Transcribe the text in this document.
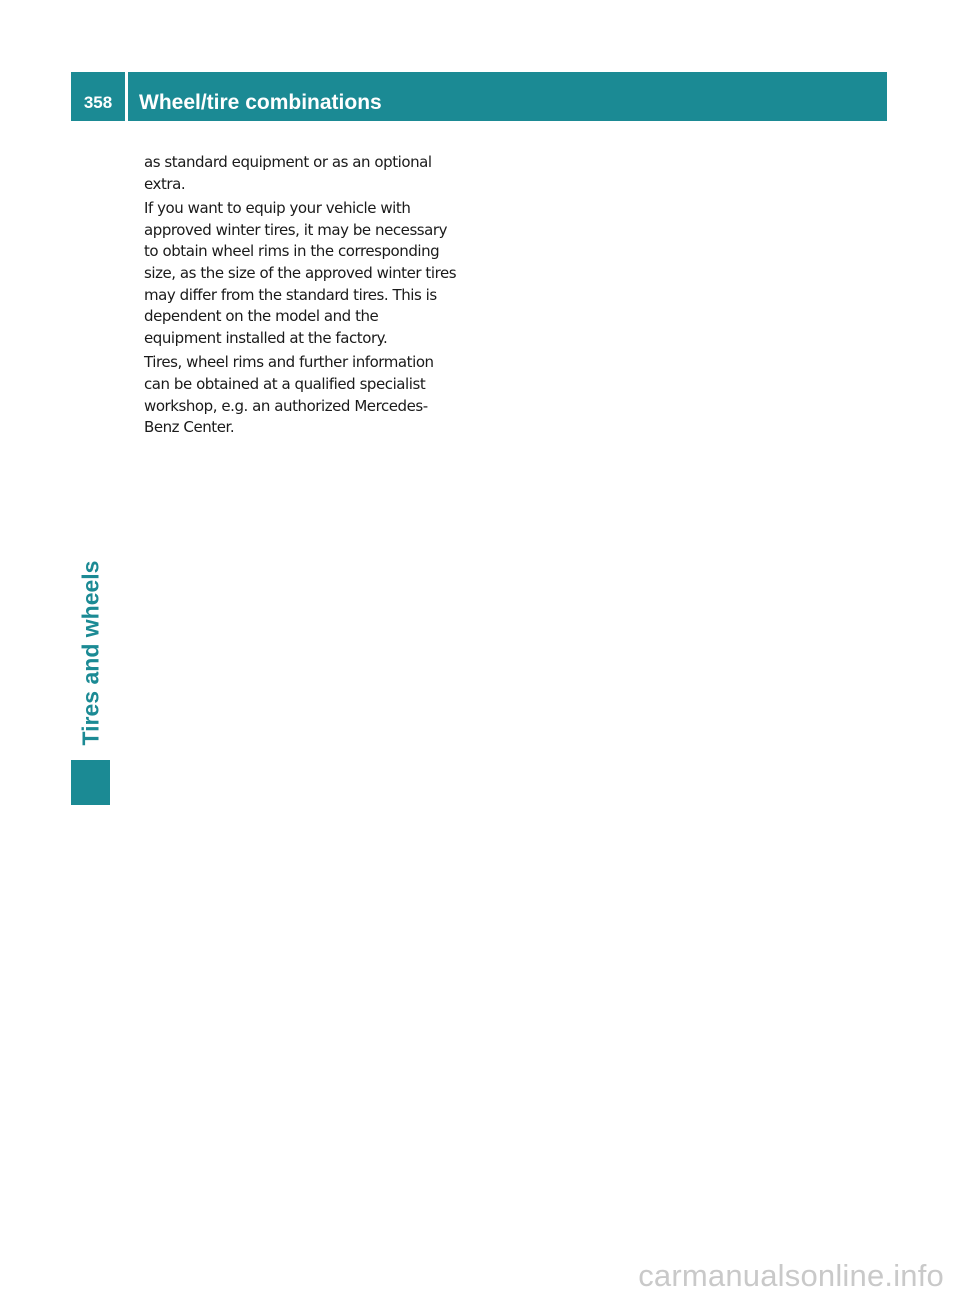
358	Wheel/tire combinations
Tires and wheels

as standard equipment or as an optional
extra.

If you want to equip your vehicle with
approved winter tires, it may be necessary
to obtain wheel rims in the corresponding
size, as the size of the approved winter tires
may differ from the standard tires. This is
dependent on the model and the
equipment installed at the factory.

Tires, wheel rims and further information
can be obtained at a qualified specialist
workshop, e.g. an authorized Mercedes-
Benz Center.

carmanualsonline.info
